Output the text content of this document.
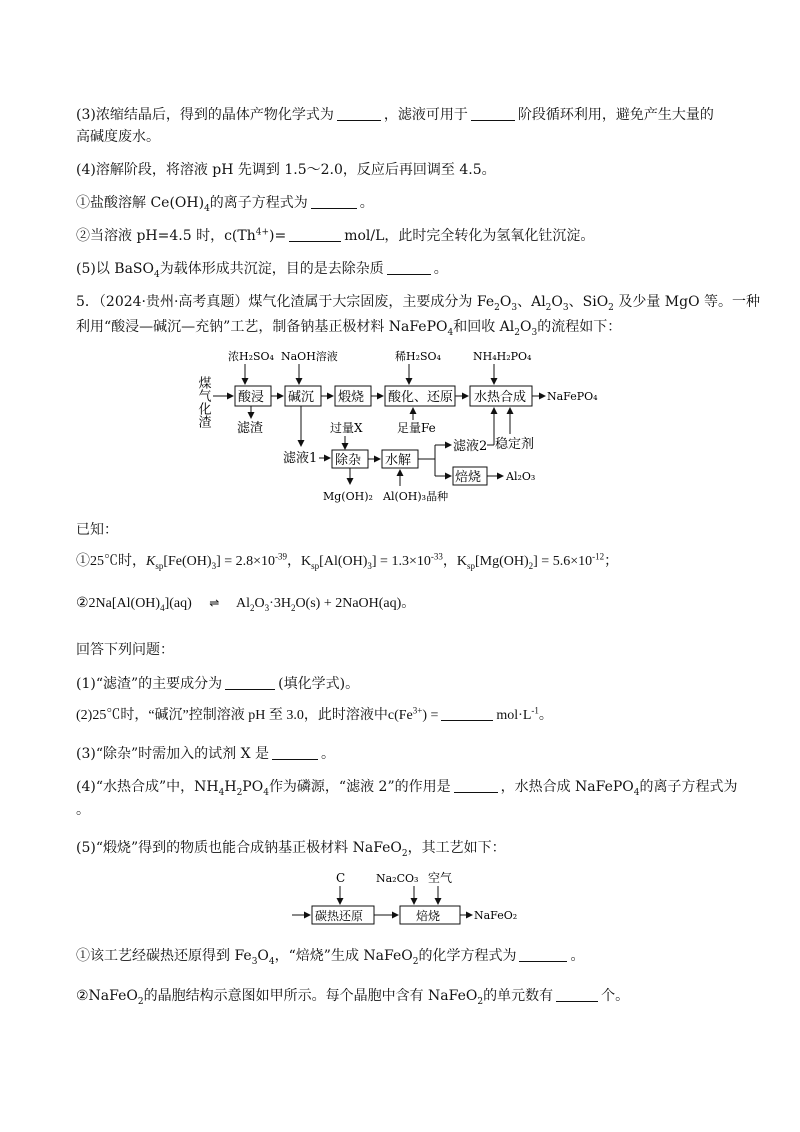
(3)浓缩结晶后，得到的晶体产物化学式为	，滤液可用于	阶段循环利用，避免产生大量的
高碱度废水。
(4)溶解阶段，将溶液 pH 先调到 1.5～2.0，反应后再回调至 4.5。
①盐酸溶解 $Ce(OH)_4$的离子方程式为	。
②当溶液 pH=4.5 时，$c(Th^{4+})=$	mol/L，此时完全转化为氢氧化钍沉淀。
(5)以 BaSO$_4$为载体形成共沉淀，目的是去除杂质	。
5．（2024·贵州·高考真题）煤气化渣属于大宗固废，主要成分为 $Fe_2O_3$、$Al_2O_3$、SiO$_2$ 及少量 MgO 等。一种
利用“酸浸—碱沉—充钠”工艺，制备钠基正极材料 NaFePO$_4$和回收 $Al_2O_3$的流程如下：
煤气化渣 酸浸 碱沉 煅烧 酸化、还原 水热合成 NaFePO₄
浓H₂SO₄ NaOH溶液	稀H₂SO₄	NH₄H₂PO₄
滤渣	过量X	足量Fe
滤液1 除杂 水解
滤液2
焙烧 Al₂O₃
稳定剂
Mg(OH)₂ Al(OH)₃晶种
已知：
①25℃时，$K_{sp}[Fe(OH)_3] = 2.8\times 10^{-39}$，$K_{sp}[Al(OH)_3] = 1.3\times 10^{-33}$，$K_{sp}[Mg(OH)_2] = 5.6\times 10^{-12}$；
$②2Na[Al(OH)_4](aq)$ ⇌ $Al_2O_3\cdot 3H_2O(s)$ + 2NaOH(aq)。
回答下列问题：
(1)“滤渣”的主要成分为	(填化学式)。
(2)25℃时，“碱沉”控制溶液 pH 至 3.0，此时溶液中$c(Fe^{3+})$ =	$mol\cdot L^{-1}$。
(3)“除杂”时需加入的试剂 X 是	。
(4)“水热合成”中，$NH_4H_2PO_4$作为磷源，“滤液 2”的作用是	，水热合成 NaFePO$_4$的离子方程式为
。
(5)“煅烧”得到的物质也能合成钠基正极材料 NaFeO$_2$，其工艺如下：
碳热还原	焙烧	NaFeO₂
C	Na₂CO₃ 空气
①该工艺经碳热还原得到 $Fe_3O_4$，“焙烧”生成 NaFeO$_2$的化学方程式为	。
②NaFeO$_2$的晶胞结构示意图如甲所示。每个晶胞中含有 NaFeO$_2$的单元数有	个。
